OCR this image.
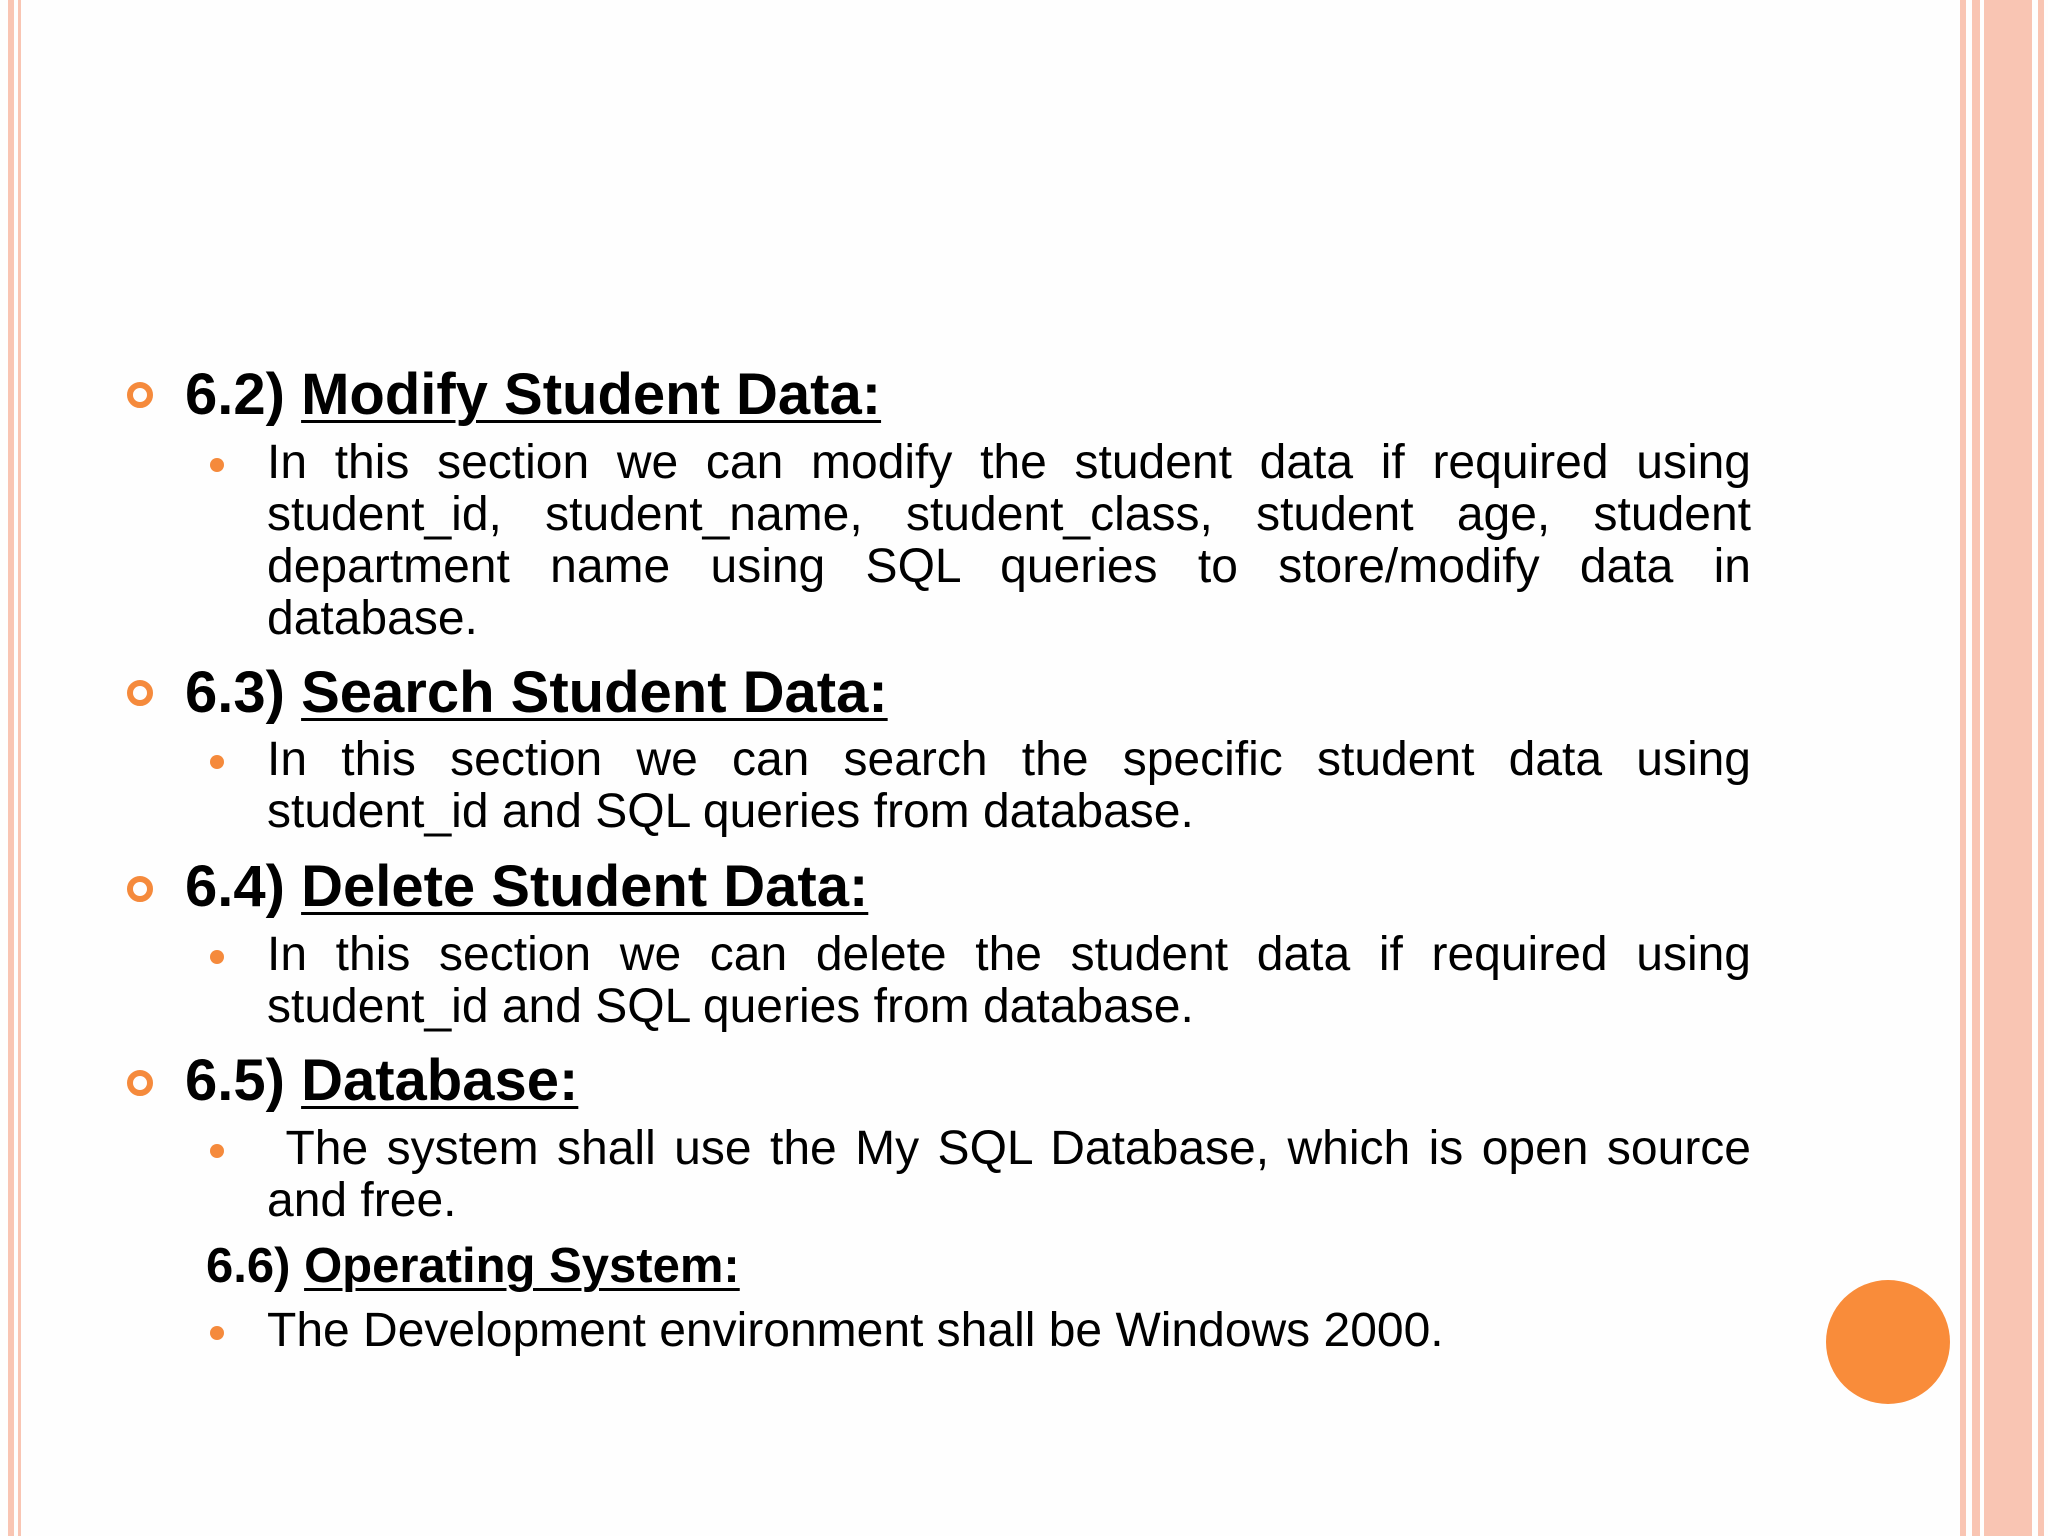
6.2) Modify Student Data:
In this section we can modify the student data if required using student_id, student_name, student_class, student age, student department name using SQL queries to store/modify data in database.
6.3) Search Student Data:
In this section we can search the specific student data using student_id and SQL queries from database.
6.4) Delete Student Data:
In this section we can delete the student data if required using student_id and SQL queries from database.
6.5) Database:
The system shall use the My SQL Database, which is open source and free.
6.6) Operating System:
The Development environment shall be Windows 2000.
